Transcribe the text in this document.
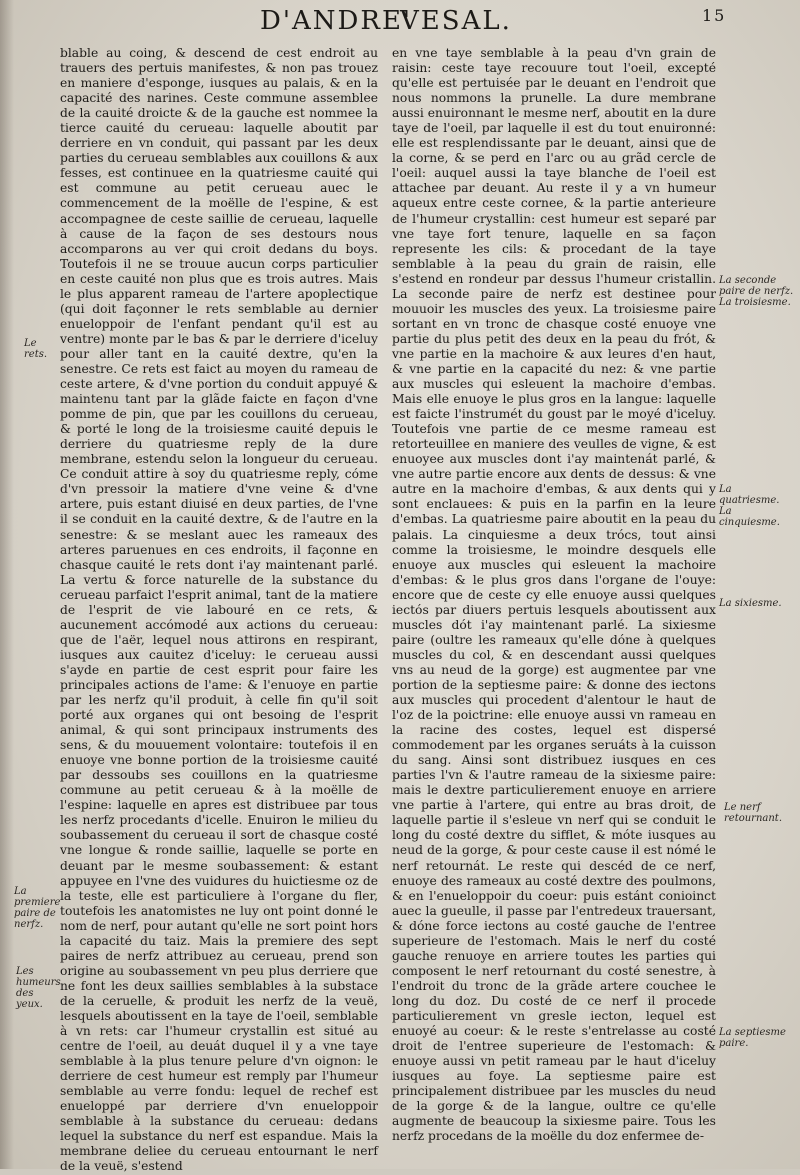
D'ANDRE'
VESAL.	15

blable au coing, & descend de cest endroit au trauers des pertuis manifestes, & non pas trouez en maniere d'esponge, iusques au palais, & en la capacité des narines. Ceste commune assemblee de la cauité droicte & de la gauche est nommee la tierce cauité du cerueau: laquelle aboutit par derriere en vn conduit, qui passant par les deux parties du cerueau semblables aux couillons & aux fesses, est continuee en la quatriesme cauité qui est commune au petit cerueau auec le commencement de la moëlle de l'espine, & est accompagnee de ceste saillie de cerueau, laquelle à cause de la façon de ses destours nous accomparons au ver qui croit dedans du boys. Toutefois il ne se trouue aucun corps particulier en ceste cauité non plus que es trois autres. Mais le plus apparent rameau de l'artere apoplectique (qui doit façonner le rets semblable au dernier enueloppoir de l'enfant pendant qu'il est au ventre) monte par le bas & par le derriere d'iceluy pour aller tant en la cauité dextre, qu'en la senestre. Ce rets est faict au moyen du rameau de ceste artere, & d'vne portion du conduit appuyé & maintenu tant par la glãde faicte en façon d'vne pomme de pin, que par les couillons du cerueau, & porté le long de la troisiesme cauité depuis le derriere du quatriesme reply de la dure membrane, estendu selon la longueur du cerueau. Ce conduit attire à soy du quatriesme reply, cóme d'vn pressoir la matiere d'vne veine & d'vne artere, puis estant diuisé en deux parties, de l'vne il se conduit en la cauité dextre, & de l'autre en la senestre: & se meslant auec les rameaux des arteres paruenues en ces endroits, il façonne en chasque cauité le rets dont i'ay maintenant parlé. La vertu & force naturelle de la substance du cerueau parfaict l'esprit animal, tant de la matiere de l'esprit de vie labouré en ce rets, & aucunement accómodé aux actions du cerueau: que de l'aër, lequel nous attirons en respirant, iusques aux cauitez d'iceluy: le cerueau aussi s'ayde en partie de cest esprit pour faire les principales actions de l'ame: & l'enuoye en partie par les nerfz qu'il produit, à celle fin qu'il soit porté aux organes qui ont besoing de l'esprit animal, & qui sont principaux instruments des sens, & du mouuement volontaire: toutefois il en enuoye vne bonne portion de la troisiesme cauité par dessoubs ses couillons en la quatriesme commune au petit cerueau & à la moëlle de l'espine: laquelle en apres est distribuee par tous les nerfz procedants d'icelle. Enuiron le milieu du soubassement du cerueau il sort de chasque costé vne longue & ronde saillie, laquelle se porte en deuant par le mesme soubassement: & estant appuyee en l'vne des vuidures du huictiesme oz de la teste, elle est particuliere à l'organe du fler, toutefois les anatomistes ne luy ont point donné le nom de nerf, pour autant qu'elle ne sort point hors la capacité du taiz. Mais la premiere des sept paires de nerfz attribuez au cerueau, prend son origine au soubassement vn peu plus derriere que ne font les deux saillies semblables à la substace de la ceruelle, & produit les nerfz de la veuë, lesquels aboutissent en la taye de l'oeil, semblable à vn rets: car l'humeur crystallin est situé au centre de l'oeil, au deuát duquel il y a vne taye semblable à la plus tenure pelure d'vn oignon: le derriere de cest humeur est remply par l'humeur semblable au verre fondu: lequel de rechef est enueloppé par derriere d'vn enueloppoir semblable à la substance du cerueau: dedans lequel la substance du nerf est espandue. Mais la membrane deliee du cerueau entournant le nerf de la veuë, s'estend

en vne taye semblable à la peau d'vn grain de raisin: ceste taye recouure tout l'oeil, excepté qu'elle est pertuisée par le deuant en l'endroit que nous nommons la prunelle. La dure membrane aussi enuironnant le mesme nerf, aboutit en la dure taye de l'oeil, par laquelle il est du tout enuironné: elle est resplendissante par le deuant, ainsi que de la corne, & se perd en l'arc ou au grãd cercle de l'oeil: auquel aussi la taye blanche de l'oeil est attachee par deuant. Au reste il y a vn humeur aqueux entre ceste cornee, & la partie anterieure de l'humeur crystallin: cest humeur est separé par vne taye fort tenure, laquelle en sa façon represente les cils: & procedant de la taye semblable à la peau du grain de raisin, elle s'estend en rondeur par dessus l'humeur cristallin. La seconde paire de nerfz est destinee pour mouuoir les muscles des yeux. La troisiesme paire sortant en vn tronc de chasque costé enuoye vne partie du plus petit des deux en la peau du frót, & vne partie en la machoire & aux leures d'en haut, & vne partie en la capacité du nez: & vne partie aux muscles qui esleuent la machoire d'embas. Mais elle enuoye le plus gros en la langue: laquelle est faicte l'instrumét du goust par le moyé d'iceluy. Toutefois vne partie de ce mesme rameau est retorteuillee en maniere des veulles de vigne, & est enuoyee aux muscles dont i'ay maintenát parlé, & vne autre partie encore aux dents de dessus: & vne autre en la machoire d'embas, & aux dents qui y sont enclauees: & puis en la parfin en la leure d'embas. La quatriesme paire aboutit en la peau du palais. La cinquiesme a deux trócs, tout ainsi comme la troisiesme, le moindre desquels elle enuoye aux muscles qui esleuent la machoire d'embas: & le plus gros dans l'organe de l'ouye: encore que de ceste cy elle enuoye aussi quelques iectós par diuers pertuis lesquels aboutissent aux muscles dót i'ay maintenant parlé. La sixiesme paire (oultre les rameaux qu'elle dóne à quelques muscles du col, & en descendant aussi quelques vns au neud de la gorge) est augmentee par vne portion de la septiesme paire: & donne des iectons aux muscles qui procedent d'alentour le haut de l'oz de la poictrine: elle enuoye aussi vn rameau en la racine des costes, lequel est dispersé commodement par les organes seruáts à la cuisson du sang. Ainsi sont distribuez iusques en ces parties l'vn & l'autre rameau de la sixiesme paire: mais le dextre particulierement enuoye en arriere vne partie à l'artere, qui entre au bras droit, de laquelle partie il s'esleue vn nerf qui se conduit le long du costé dextre du sifflet, & móte iusques au neud de la gorge, & pour ceste cause il est nómé le nerf retournát. Le reste qui descéd de ce nerf, enuoye des rameaux au costé dextre des poulmons, & en l'enueloppoir du coeur: puis estánt conioinct auec la gueulle, il passe par l'entredeux trauersant, & dóne force iectons au costé gauche de l'entree superieure de l'estomach. Mais le nerf du costé gauche renuoye en arriere toutes les parties qui composent le nerf retournant du costé senestre, à l'endroit du tronc de la grãde artere couchee le long du doz. Du costé de ce nerf il procede particulierement vn gresle iecton, lequel est enuoyé au coeur: & le reste s'entrelasse au costé droit de l'entree superieure de l'estomach: & enuoye aussi vn petit rameau par le haut d'iceluy iusques au foye. La septiesme paire est principalement distribuee par les muscles du neud de la gorge & de la langue, oultre ce qu'elle augmente de beaucoup la sixiesme paire. Tous les nerfz procedans de la moëlle du doz enfermee de-

Le rets.
La premiere paire de nerfz.
Les humeurs des yeux.
La seconde paire de nerfz. La troisiesme.
La quatriesme. La cinquiesme.
La sixiesme.
Le nerf retournant.
La septiesme paire.
